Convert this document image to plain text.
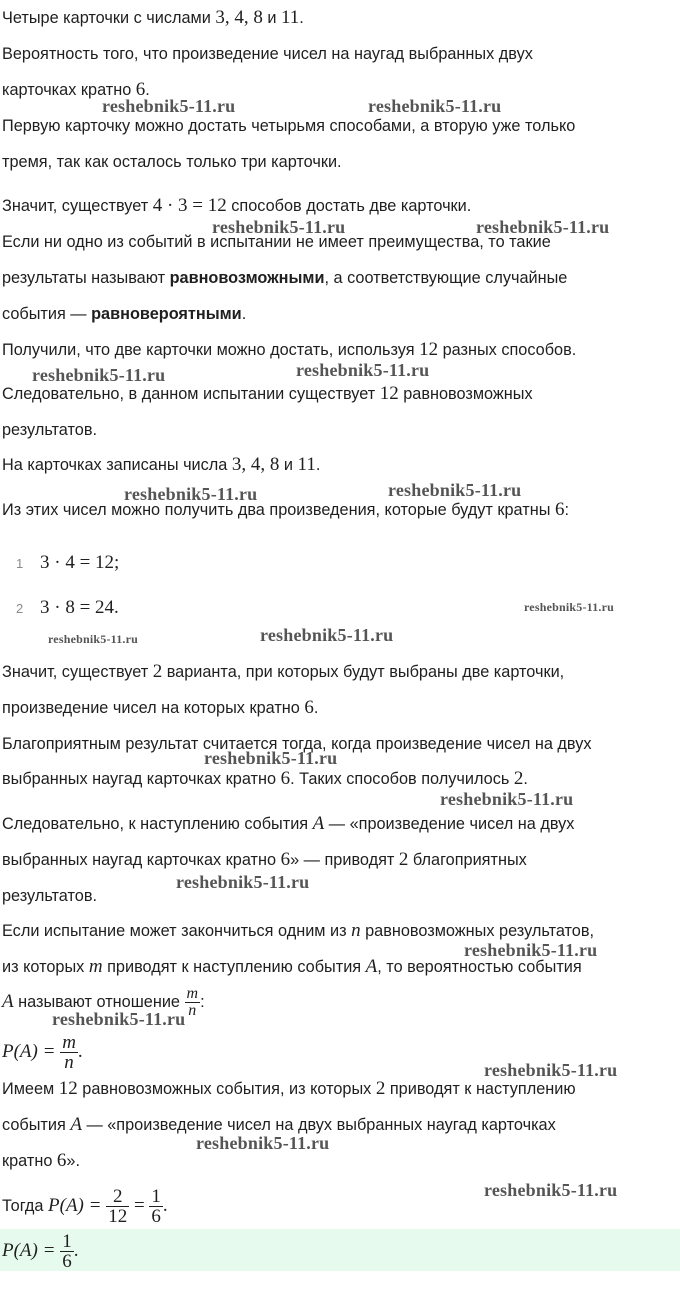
Четыре карточки с числами 3, 4, 8 и 11.
Вероятность того, что произведение чисел на наугад выбранных двух
карточках кратно 6.
Первую карточку можно достать четырьмя способами, а вторую уже только
тремя, так как осталось только три карточки.
Значит, существует 4 · 3 = 12 способов достать две карточки.
Если ни одно из событий в испытании не имеет преимущества, то такие
результаты называют равновозможными, а соответствующие случайные
события — равновероятными.
Получили, что две карточки можно достать, используя 12 разных способов.
Следовательно, в данном испытании существует 12 равновозможных
результатов.
На карточках записаны числа 3, 4, 8 и 11.
Из этих чисел можно получить два произведения, которые будут кратны 6:
1 3 · 4 = 12;
2 3 · 8 = 24.
Значит, существует 2 варианта, при которых будут выбраны две карточки,
произведение чисел на которых кратно 6.
Благоприятным результат считается тогда, когда произведение чисел на двух
выбранных наугад карточках кратно 6. Таких способов получилось 2.
Следовательно, к наступлению события A — «произведение чисел на двух
выбранных наугад карточках кратно 6» — приводят 2 благоприятных
результатов.
Если испытание может закончиться одним из n равновозможных результатов,
из которых m приводят к наступлению события A, то вероятностью события
A называют отношение $\frac{m}{n}$ :
$P(A) = \frac{m}{n}$ .
Имеем 12 равновозможных события, из которых 2 приводят к наступлению
события A — «произведение чисел на двух выбранных наугад карточках
кратно 6».
Тогда $P(A) = \frac{2}{12} = \frac{1}{6}$ .
$P(A) = \frac{1}{6}$ .
reshebnik5-11.ru	reshebnik5-11.ru
reshebnik5-11.ru	reshebnik5-11.ru
reshebnik5-11.ru	reshebnik5-11.ru
reshebnik5-11.ru	reshebnik5-11.ru
reshebnik5-11.ru
reshebnik5-11.ru	reshebnik5-11.ru
reshebnik5-11.ru
reshebnik5-11.ru
reshebnik5-11.ru
reshebnik5-11.ru
reshebnik5-11.ru
reshebnik5-11.ru
reshebnik5-11.ru
reshebnik5-11.ru
